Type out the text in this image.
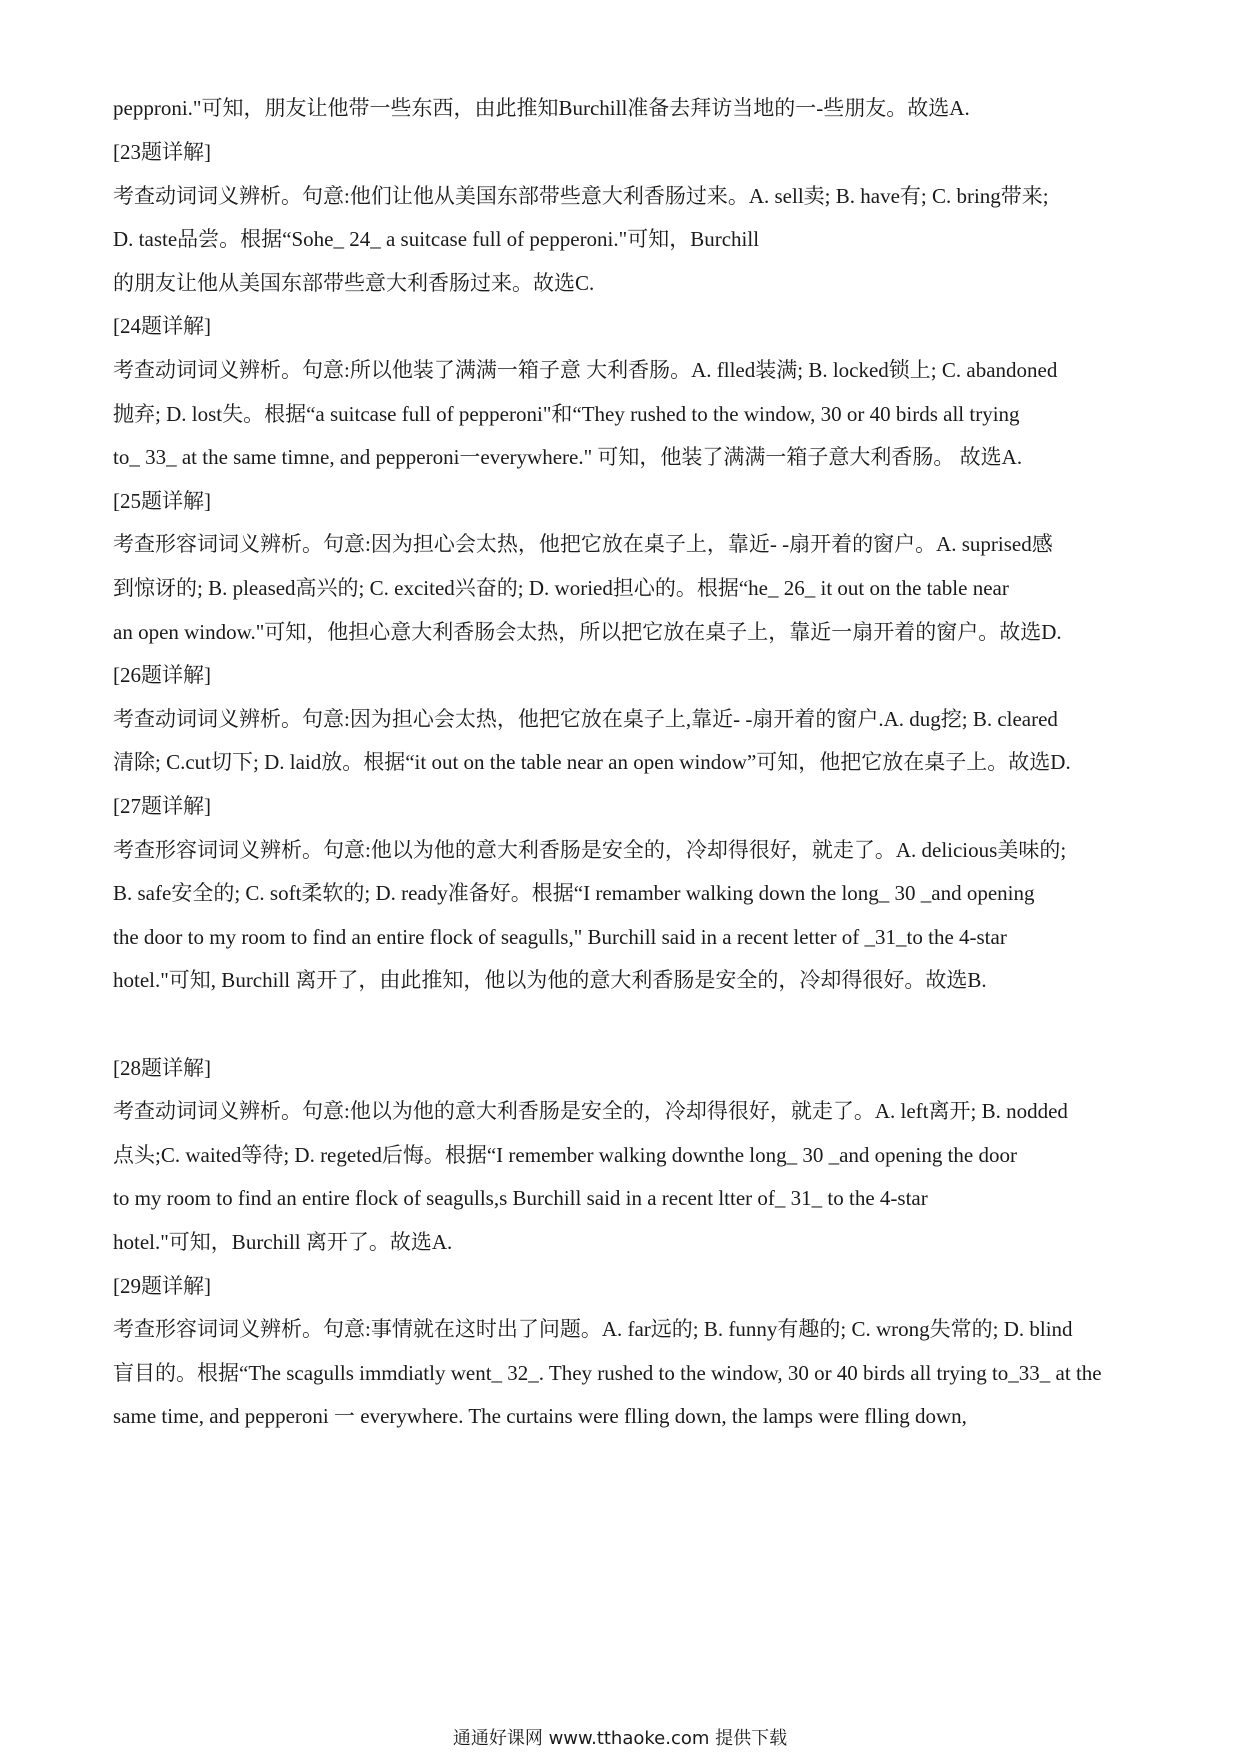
pepproni."可知，朋友让他带一些东西，由此推知Burchill准备去拜访当地的一-些朋友。故选A.
[23题详解]
考查动词词义辨析。句意:他们让他从美国东部带些意大利香肠过来。A. sell卖; B. have有; C. bring带来;
D. taste品尝。根据“Sohe_ 24_ a suitcase full of pepperoni."可知，Burchill
的朋友让他从美国东部带些意大利香肠过来。故选C.
[24题详解]
考查动词词义辨析。句意:所以他装了满满一箱子意 大利香肠。A. flled装满; B. locked锁上; C. abandoned
抛弃; D. lost失。根据“a suitcase full of pepperoni"和“They rushed to the window, 30 or 40 birds all trying
to_ 33_ at the same timne, and pepperoni一everywhere." 可知，他装了满满一箱子意大利香肠。 故选A.
[25题详解]
考查形容词词义辨析。句意:因为担心会太热，他把它放在桌子上，靠近- -扇开着的窗户。A. suprised感
到惊讶的; B. pleased高兴的; C. excited兴奋的; D. woried担心的。根据“he_ 26_ it out on the table near
an open window."可知，他担心意大利香肠会太热，所以把它放在桌子上，靠近一扇开着的窗户。故选D.
[26题详解]
考查动词词义辨析。句意:因为担心会太热，他把它放在桌子上,靠近- -扇开着的窗户.A. dug挖; B. cleared
清除; C.cut切下; D. laid放。根据“it out on the table near an open window”可知，他把它放在桌子上。故选D.
[27题详解]
考查形容词词义辨析。句意:他以为他的意大利香肠是安全的，冷却得很好，就走了。A. delicious美味的;
B. safe安全的; C. soft柔软的; D. ready准备好。根据“I remamber walking down the long_ 30 _and opening
the door to my room to find an entire flock of seagulls," Burchill said in a recent letter of _31_to the 4-star
hotel."可知, Burchill 离开了，由此推知，他以为他的意大利香肠是安全的，冷却得很好。故选B.
[28题详解]
考查动词词义辨析。句意:他以为他的意大利香肠是安全的，冷却得很好，就走了。A. left离开; B. nodded
点头;C. waited等待; D. regeted后悔。根据“I remember walking downthe long_ 30 _and opening the door
to my room to find an entire flock of seagulls,s Burchill said in a recent ltter of_ 31_ to the 4-star
hotel."可知，Burchill 离开了。故选A.
[29题详解]
考查形容词词义辨析。句意:事情就在这时出了问题。A. far远的; B. funny有趣的; C. wrong失常的; D. blind
盲目的。根据“The scagulls immdiatly went_ 32_. They rushed to the window, 30 or 40 birds all trying to_33_ at the
same time, and pepperoni 一 everywhere. The curtains were flling down, the lamps were flling down,
通通好课网 www.tthaoke.com 提供下载
